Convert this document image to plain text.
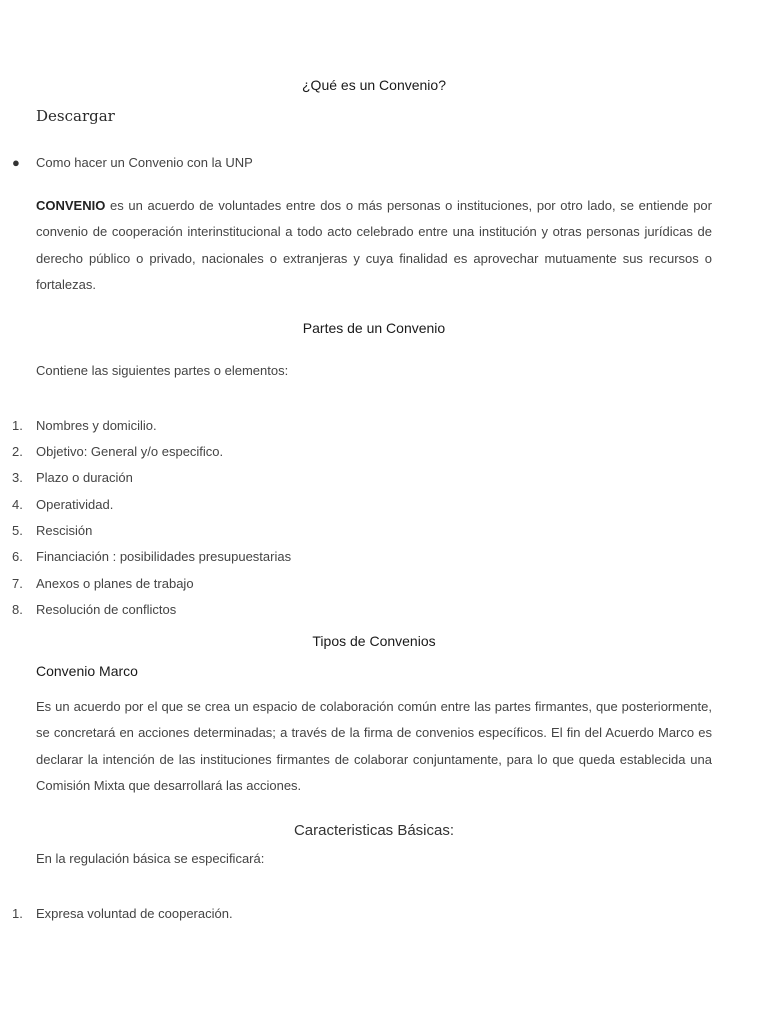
¿Qué es un Convenio?
Descargar
● Como hacer un Convenio con la UNP

CONVENIO es un acuerdo de voluntades entre dos o más personas o instituciones, por otro lado, se entiende por convenio de cooperación interinstitucional a todo acto celebrado entre una institución y otras personas jurídicas de derecho público o privado, nacionales o extranjeras y cuya finalidad es aprovechar mutuamente sus recursos o fortalezas.

Partes de un Convenio
Contiene las siguientes partes o elementos:
1.	Nombres y domicilio.
2.	Objetivo: General y/o especifico.
3.	Plazo o duración
4.	Operatividad.
5.	Rescisión
6.	Financiación : posibilidades presupuestarias
7.	Anexos o planes de trabajo
8.	Resolución de conflictos
Tipos de Convenios
Convenio Marco

Es un acuerdo por el que se crea un espacio de colaboración común entre las partes firmantes, que posteriormente, se concretará en acciones determinadas; a través de la firma de convenios específicos. El fin del Acuerdo Marco es declarar la intención de las instituciones firmantes de colaborar conjuntamente, para lo que queda establecida una Comisión Mixta que desarrollará las acciones.

Caracteristicas Básicas:
En la regulación básica se especificará:
1.	Expresa voluntad de cooperación.
